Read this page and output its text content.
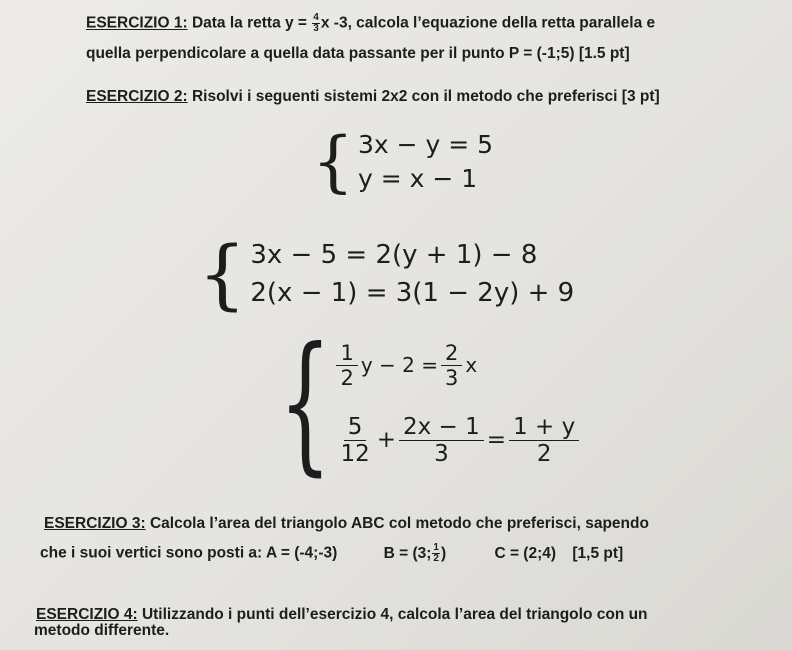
ESERCIZIO 1: Data la retta $y = \frac{4}{3}$ x -3, calcola l’equazione della retta parallela e
quella perpendicolare a quella data passante per il punto P = (-1;5) [1.5 pt]
ESERCIZIO 2: Risolvi i seguenti sistemi 2x2 con il metodo che preferisci [3 pt]
{ 3x − y = 5
y = x − 1
{ 3x − 5 = 2(y + 1) − 8
2(x − 1) = 3(1 − 2y) + 9
{ $\frac{1}{2}$ $y - 2 = \frac{2}{3}$ x
$\frac{5}{12} + \frac{2x - 1}{3} = \frac{1 + y}{2}$
ESERCIZIO 3: Calcola l’area del triangolo ABC col metodo che preferisci, sapendo
che i suoi vertici sono posti a: A = (-4;-3)	B = (3; $\frac{1}{2}$ )	C = (2;4) [1,5 pt]
ESERCIZIO 4: Utilizzando i punti dell’esercizio 4, calcola l’area del triangolo con un
metodo differente.
